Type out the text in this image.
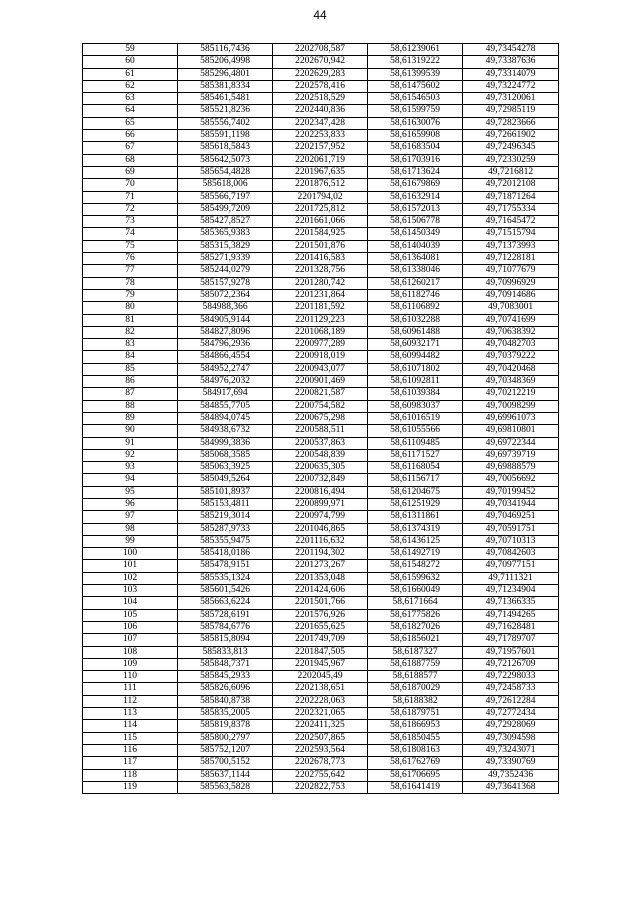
44
59	585116,7436	2202708,587	58,61239061	49,73454278
60	585206,4998	2202670,942	58,61319222	49,73387636
61	585296,4801	2202629,283	58,61399539	49,73314079
62	585381,8334	2202578,416	58,61475602	49,73224772
63	585461,5481	2202518,529	58,61546503	49,73120061
64	585521,8236	2202440,836	58,61599759	49,72985119
65	585556,7402	2202347,428	58,61630076	49,72823666
66	585591,1198	2202253,833	58,61659908	49,72661902
67	585618,5843	2202157,952	58,61683504	49,72496345
68	585642,5073	2202061,719	58,61703916	49,72330259
69	585654,4828	2201967,635	58,61713624	49,7216812
70	585618,006	2201876,512	58,61679869	49,72012108
71	585566,7197	2201794,02	58,61632914	49,71871264
72	585499,7209	2201725,812	58,61572013	49,71755334
73	585427,8527	2201661,066	58,61506778	49,71645472
74	585365,9383	2201584,925	58,61450349	49,71515794
75	585315,3829	2201501,876	58,61404039	49,71373993
76	585271,9339	2201416,583	58,61364081	49,71228181
77	585244,0279	2201328,756	58,61338046	49,71077679
78	585157,9278	2201280,742	58,61260217	49,70996929
79	585072,2364	2201231,864	58,61182746	49,70914686
80	584988,366	2201181,592	58,61106892	49,7083001
81	584905,9144	2201129,223	58,61032288	49,70741699
82	584827,8096	2201068,189	58,60961488	49,70638392
83	584796,2936	2200977,289	58,60932171	49,70482703
84	584866,4554	2200918,019	58,60994482	49,70379222
85	584952,2747	2200943,077	58,61071802	49,70420468
86	584976,2032	2200901,469	58,61092811	49,70348369
87	584917,694	2200821,587	58,61039384	49,70212219
88	584855,7705	2200754,582	58,60983037	49,70098299
89	584894,0745	2200675,298	58,61016519	49,69961073
90	584938,6732	2200588,511	58,61055566	49,69810801
91	584999,3836	2200537,863	58,61109485	49,69722344
92	585068,3585	2200548,839	58,61171527	49,69739719
93	585063,3925	2200635,305	58,61168054	49,69888579
94	585049,5264	2200732,849	58,61156717	49,70056692
95	585101,8937	2200816,494	58,61204675	49,70199452
96	585153,4811	2200899,971	58,61251929	49,70341944
97	585219,3014	2200974,799	58,61311861	49,70469251
98	585287,9733	2201046,865	58,61374319	49,70591751
99	585355,9475	2201116,632	58,61436125	49,70710313
100	585418,0186	2201194,302	58,61492719	49,70842603
101	585478,9151	2201273,267	58,61548272	49,70977151
102	585535,1324	2201353,048	58,61599632	49,7111321
103	585601,5426	2201424,606	58,61660049	49,71234904
104	585663,6224	2201501,766	58,6171664	49,71366335
105	585728,6191	2201576,926	58,61775826	49,71494265
106	585784,6776	2201655,625	58,61827026	49,71628481
107	585815,8094	2201749,709	58,61856021	49,71789707
108	585833,813	2201847,505	58,6187327	49,71957601
109	585848,7371	2201945,967	58,61887759	49,72126709
110	585845,2933	2202045,49	58,6188577	49,72298033
111	585826,6096	2202138,651	58,61870029	49,72458733
112	585840,8738	2202228,063	58,6188382	49,72612284
113	585835,2005	2202321,065	58,61879751	49,72772434
114	585819,8378	2202411,325	58,61866953	49,72928069
115	585800,2797	2202507,865	58,61850455	49,73094598
116	585752,1207	2202593,564	58,61808163	49,73243071
117	585700,5152	2202678,773	58,61762769	49,73390769
118	585637,1144	2202755,642	58,61706695	49,7352436
119	585563,5828	2202822,753	58,61641419	49,73641368
